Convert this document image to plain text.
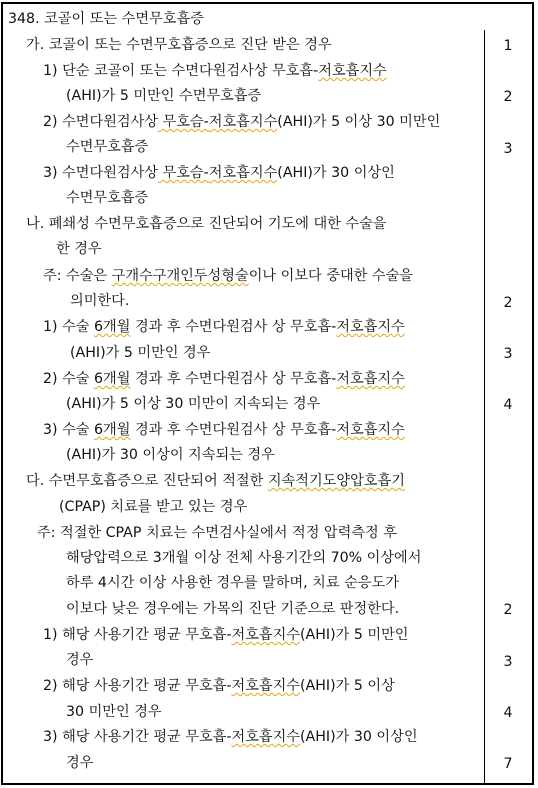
348. 코골이 또는 수면무호흡증
가. 코골이 또는 수면무호흡증으로 진단 받은 경우	1
1) 단순 코골이 또는 수면다원검사상 무호흡-저호흡지수
(AHI)가 5 미만인 수면무호흡증	2
2) 수면다원검사상 무호슴-저호흡지수(AHI)가 5 이상 30 미만인
수면무호흡증	3
3) 수면다원검사상 무호슴-저호흡지수(AHI)가 30 이상인
수면무호흡증
나. 폐쇄성 수면무호흡증으로 진단되어 기도에 대한 수술을
한 경우
주: 수술은 구개수구개인두성형술이나 이보다 중대한 수술을
의미한다.	2
1) 수술 6개월 경과 후 수면다원검사 상 무호흡-저호흡지수
(AHI)가 5 미만인 경우	3
2) 수술 6개월 경과 후 수면다원검사 상 무호흡-저호흡지수
(AHI)가 5 이상 30 미만이 지속되는 경우	4
3) 수술 6개월 경과 후 수면다원검사 상 무호흡-저호흡지수
(AHI)가 30 이상이 지속되는 경우
다. 수면무호흡증으로 진단되어 적절한 지속적기도양압호흡기
(CPAP) 치료를 받고 있는 경우
주: 적절한 CPAP 치료는 수면검사실에서 적정 압력측정 후
해당압력으로 3개월 이상 전체 사용기간의 70% 이상에서
하루 4시간 이상 사용한 경우를 말하며, 치료 순응도가
이보다 낮은 경우에는 가목의 진단 기준으로 판정한다.	2
1) 해당 사용기간 평균 무호흡-저호흡지수(AHI)가 5 미만인
경우	3
2) 해당 사용기간 평균 무호흡-저호흡지수(AHI)가 5 이상
30 미만인 경우	4
3) 해당 사용기간 평균 무호흡-저호흡지수(AHI)가 30 이상인
경우	7
